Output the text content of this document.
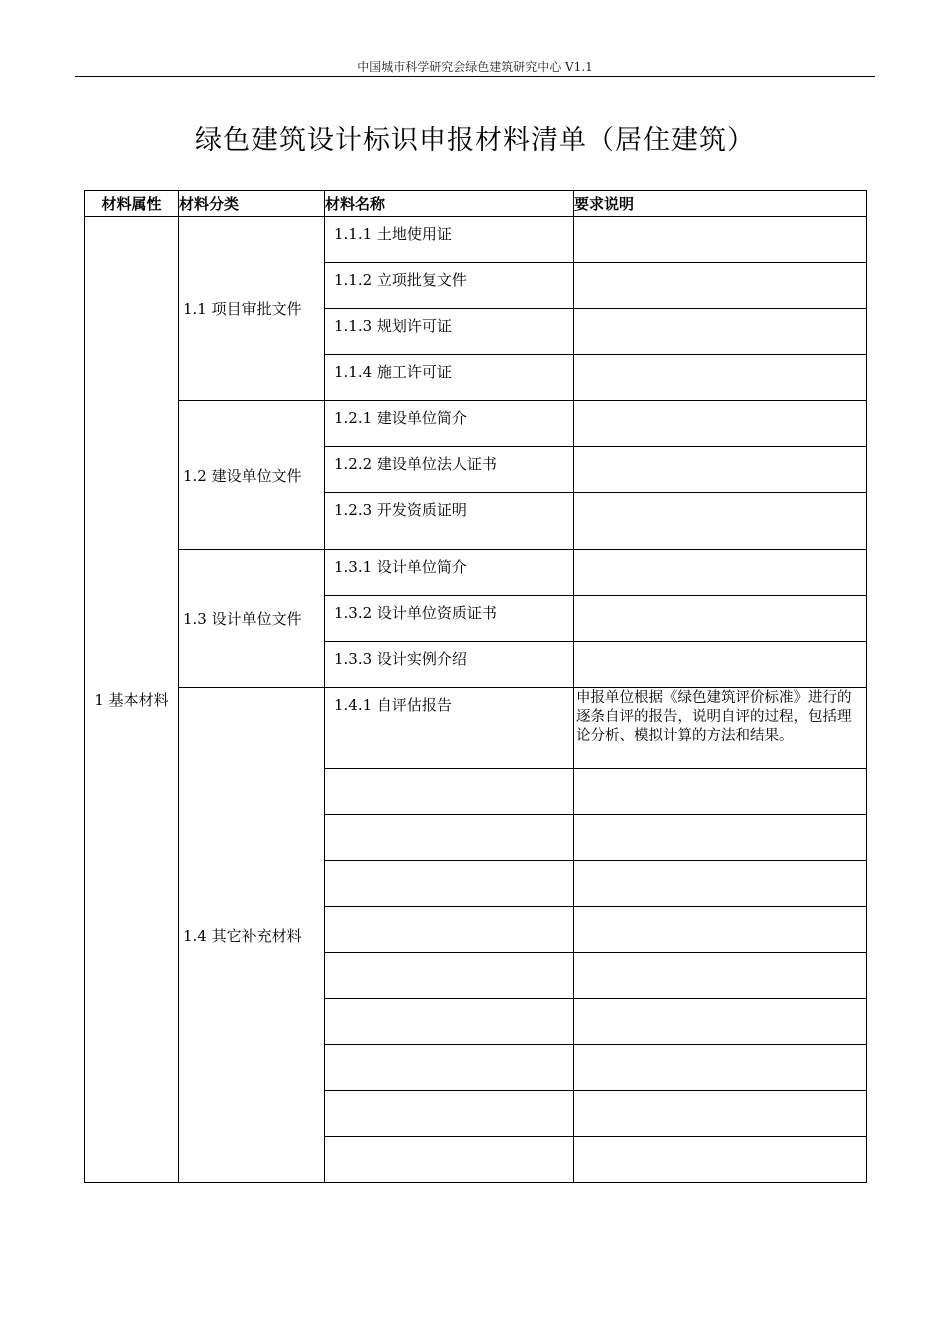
中国城市科学研究会绿色建筑研究中心 V1.1
绿色建筑设计标识申报材料清单（居住建筑）
材料属性	材料分类	材料名称	要求说明
1 基本材料	1.1 项目审批文件	1.1.1 土地使用证	
		1.1.2 立项批复文件	
		1.1.3 规划许可证	
		1.1.4 施工许可证	
	1.2 建设单位文件	1.2.1 建设单位简介	
		1.2.2 建设单位法人证书	
		1.2.3 开发资质证明	
	1.3 设计单位文件	1.3.1 设计单位简介	
		1.3.2 设计单位资质证书	
		1.3.3 设计实例介绍	
	1.4 其它补充材料	1.4.1 自评估报告	申报单位根据《绿色建筑评价标准》进行的逐条自评的报告，说明自评的过程，包括理论分析、模拟计算的方法和结果。
